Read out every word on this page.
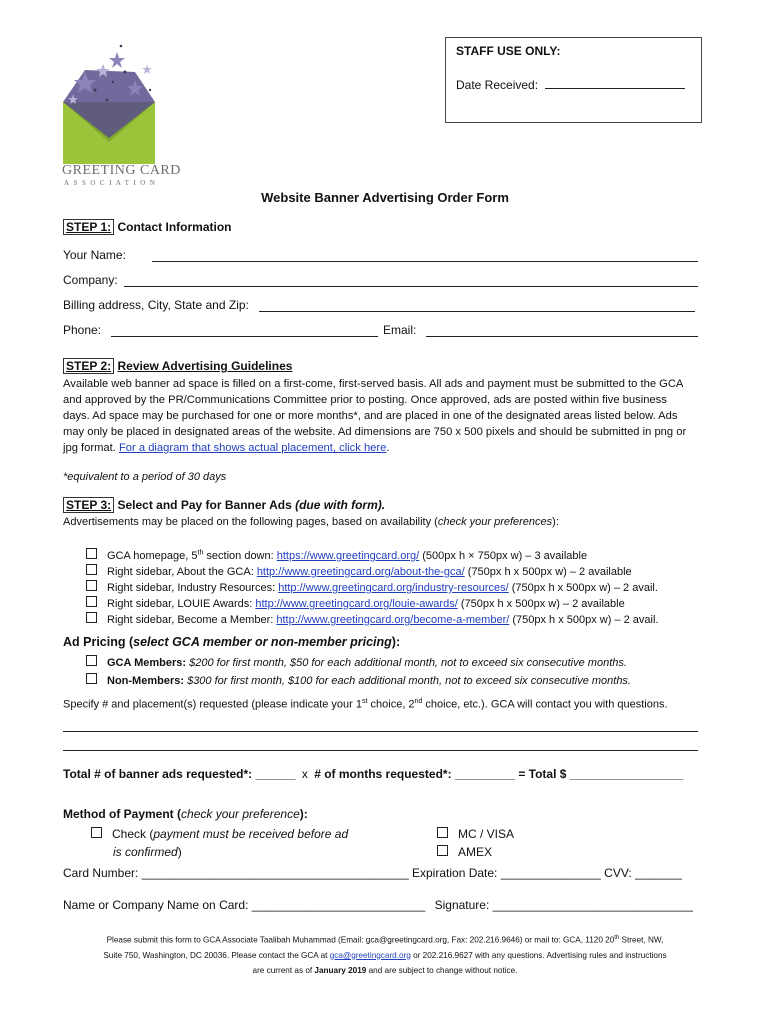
STAFF USE ONLY:
Date Received:
GREETING CARD
ASSOCIATION
Website Banner Advertising Order Form
STEP 1: Contact Information
Your Name:
Company:
Billing address, City, State and Zip:
Phone:	Email:
STEP 2: Review Advertising Guidelines
Available web banner ad space is filled on a first-come, first-served basis. All ads and payment must be submitted to the GCA
and approved by the PR/Communications Committee prior to posting. Once approved, ads are posted within five business
days. Ad space may be purchased for one or more months*, and are placed in one of the designated areas listed below. Ads
may only be placed in designated areas of the website. Ad dimensions are 750 x 500 pixels and should be submitted in png or
jpg format. For a diagram that shows actual placement, click here.
*equivalent to a period of 30 days
STEP 3: Select and Pay for Banner Ads (due with form).
Advertisements may be placed on the following pages, based on availability (check your preferences):
GCA homepage, 5th section down: https://www.greetingcard.org/ (500px h × 750px w) – 3 available
Right sidebar, About the GCA: http://www.greetingcard.org/about-the-gca/ (750px h x 500px w) – 2 available
Right sidebar, Industry Resources: http://www.greetingcard.org/industry-resources/ (750px h x 500px w) – 2 avail.
Right sidebar, LOUIE Awards: http://www.greetingcard.org/louie-awards/ (750px h x 500px w) – 2 available
Right sidebar, Become a Member: http://www.greetingcard.org/become-a-member/ (750px h x 500px w) – 2 avail.
Ad Pricing (select GCA member or non-member pricing):
GCA Members: $200 for first month, $50 for each additional month, not to exceed six consecutive months.
Non-Members: $300 for first month, $100 for each additional month, not to exceed six consecutive months.
Specify # and placement(s) requested (please indicate your 1st choice, 2nd choice, etc.). GCA will contact you with questions.
Total # of banner ads requested*: ______ x # of months requested*: _________ = Total $ _________________
Method of Payment (check your preference):
Check (payment must be received before ad
is confirmed)
MC / VISA
AMEX
Card Number: ________________________________________ Expiration Date: _______________ CVV: _______
Name or Company Name on Card: __________________________ Signature: ______________________________
Please submit this form to GCA Associate Taalibah Muhammad (Email: gca@greetingcard.org, Fax: 202.216.9646) or mail to: GCA, 1120 20th Street, NW,
Suite 750, Washington, DC 20036. Please contact the GCA at gca@greetingcard.org or 202.216.9627 with any questions. Advertising rules and instructions
are current as of January 2019 and are subject to change without notice.
